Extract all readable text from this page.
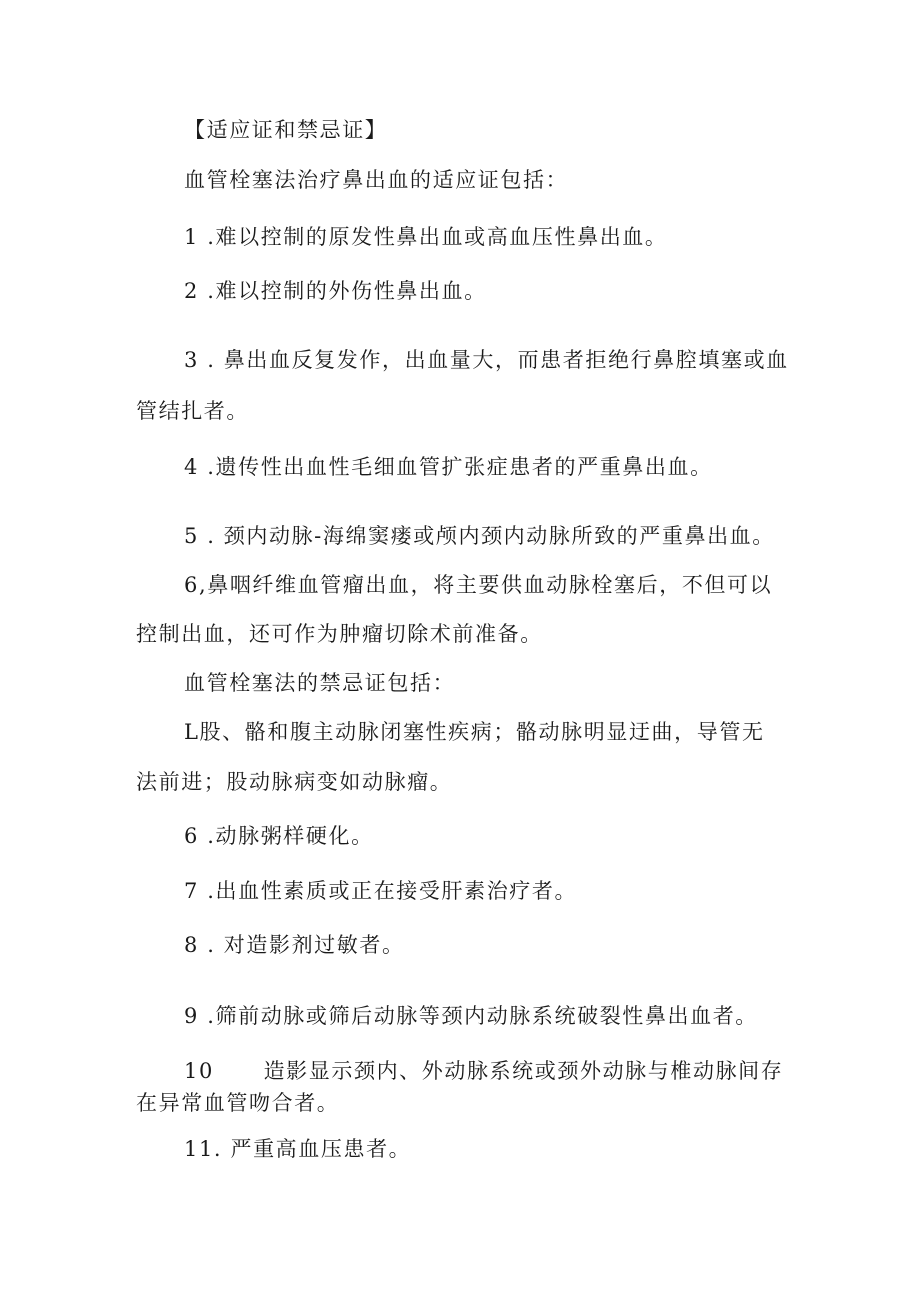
【适应证和禁忌证】
血管栓塞法治疗鼻出血的适应证包括：
1 .难以控制的原发性鼻出血或高血压性鼻出血。
2 .难以控制的外伤性鼻出血。
3 . 鼻出血反复发作，出血量大，而患者拒绝行鼻腔填塞或血
管结扎者。
4 .遗传性出血性毛细血管扩张症患者的严重鼻出血。
5 . 颈内动脉-海绵窦瘘或颅内颈内动脉所致的严重鼻出血。
6,鼻咽纤维血管瘤出血，将主要供血动脉栓塞后，不但可以
控制出血，还可作为肿瘤切除术前准备。
血管栓塞法的禁忌证包括：
L股、骼和腹主动脉闭塞性疾病；骼动脉明显迂曲，导管无
法前进；股动脉病变如动脉瘤。
6 .动脉粥样硬化。
7 .出血性素质或正在接受肝素治疗者。
8 . 对造影剂过敏者。
9 .筛前动脉或筛后动脉等颈内动脉系统破裂性鼻出血者。
10      造影显示颈内、外动脉系统或颈外动脉与椎动脉间存
在异常血管吻合者。
11. 严重高血压患者。
